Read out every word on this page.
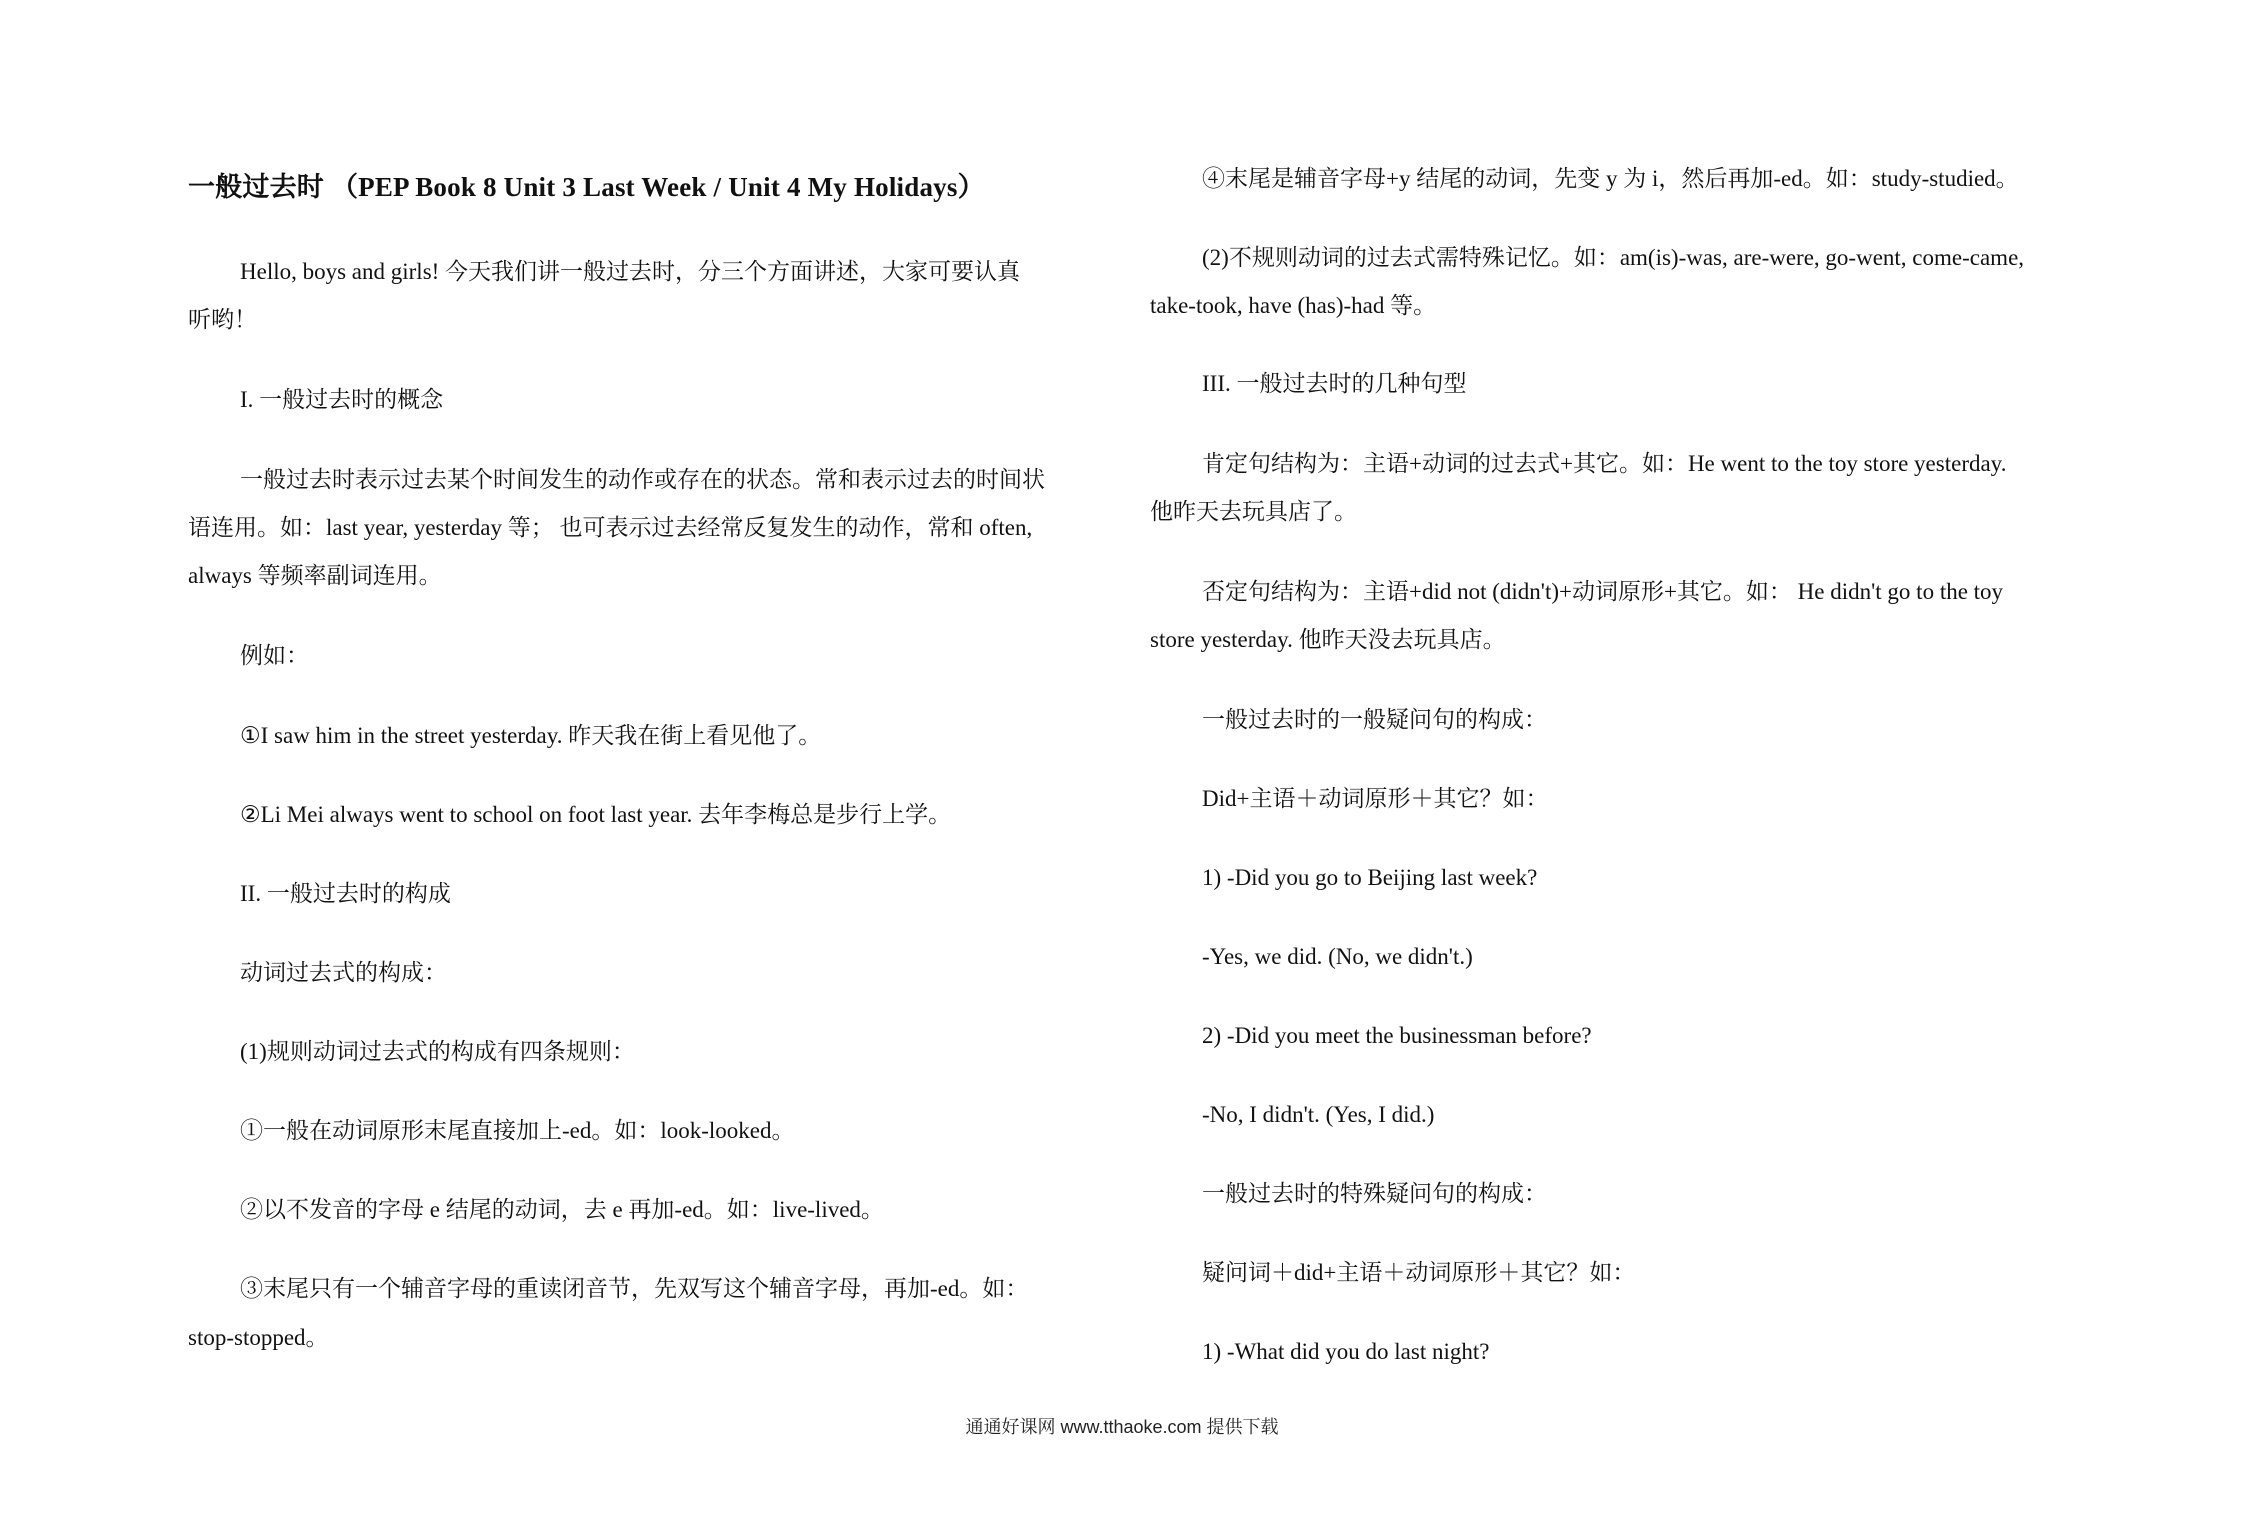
一般过去时 （PEP Book 8 Unit 3 Last Week / Unit 4 My Holidays）
Hello, boys and girls! 今天我们讲一般过去时，分三个方面讲述，大家可要认真
听哟！
I. 一般过去时的概念
一般过去时表示过去某个时间发生的动作或存在的状态。常和表示过去的时间状
语连用。如：last year, yesterday 等； 也可表示过去经常反复发生的动作，常和 often,
always 等频率副词连用。
例如：
①I saw him in the street yesterday. 昨天我在街上看见他了。
②Li Mei always went to school on foot last year. 去年李梅总是步行上学。
II. 一般过去时的构成
动词过去式的构成：
(1)规则动词过去式的构成有四条规则：
①一般在动词原形末尾直接加上-ed。如：look-looked。
②以不发音的字母 e 结尾的动词，去 e 再加-ed。如：live-lived。
③末尾只有一个辅音字母的重读闭音节，先双写这个辅音字母，再加-ed。如：
stop-stopped。
④末尾是辅音字母+y 结尾的动词，先变 y 为 i，然后再加-ed。如：study-studied。
(2)不规则动词的过去式需特殊记忆。如：am(is)-was, are-were, go-went, come-came,
take-took, have (has)-had 等。
III. 一般过去时的几种句型
肯定句结构为：主语+动词的过去式+其它。如：He went to the toy store yesterday.
他昨天去玩具店了。
否定句结构为：主语+did not (didn't)+动词原形+其它。如： He didn't go to the toy
store yesterday. 他昨天没去玩具店。
一般过去时的一般疑问句的构成：
Did+主语＋动词原形＋其它？如：
1) -Did you go to Beijing last week?
-Yes, we did. (No, we didn't.)
2) -Did you meet the businessman before?
-No, I didn't. (Yes, I did.)
一般过去时的特殊疑问句的构成：
疑问词＋did+主语＋动词原形＋其它？如：
1) -What did you do last night?
通通好课网 www.tthaoke.com 提供下载
